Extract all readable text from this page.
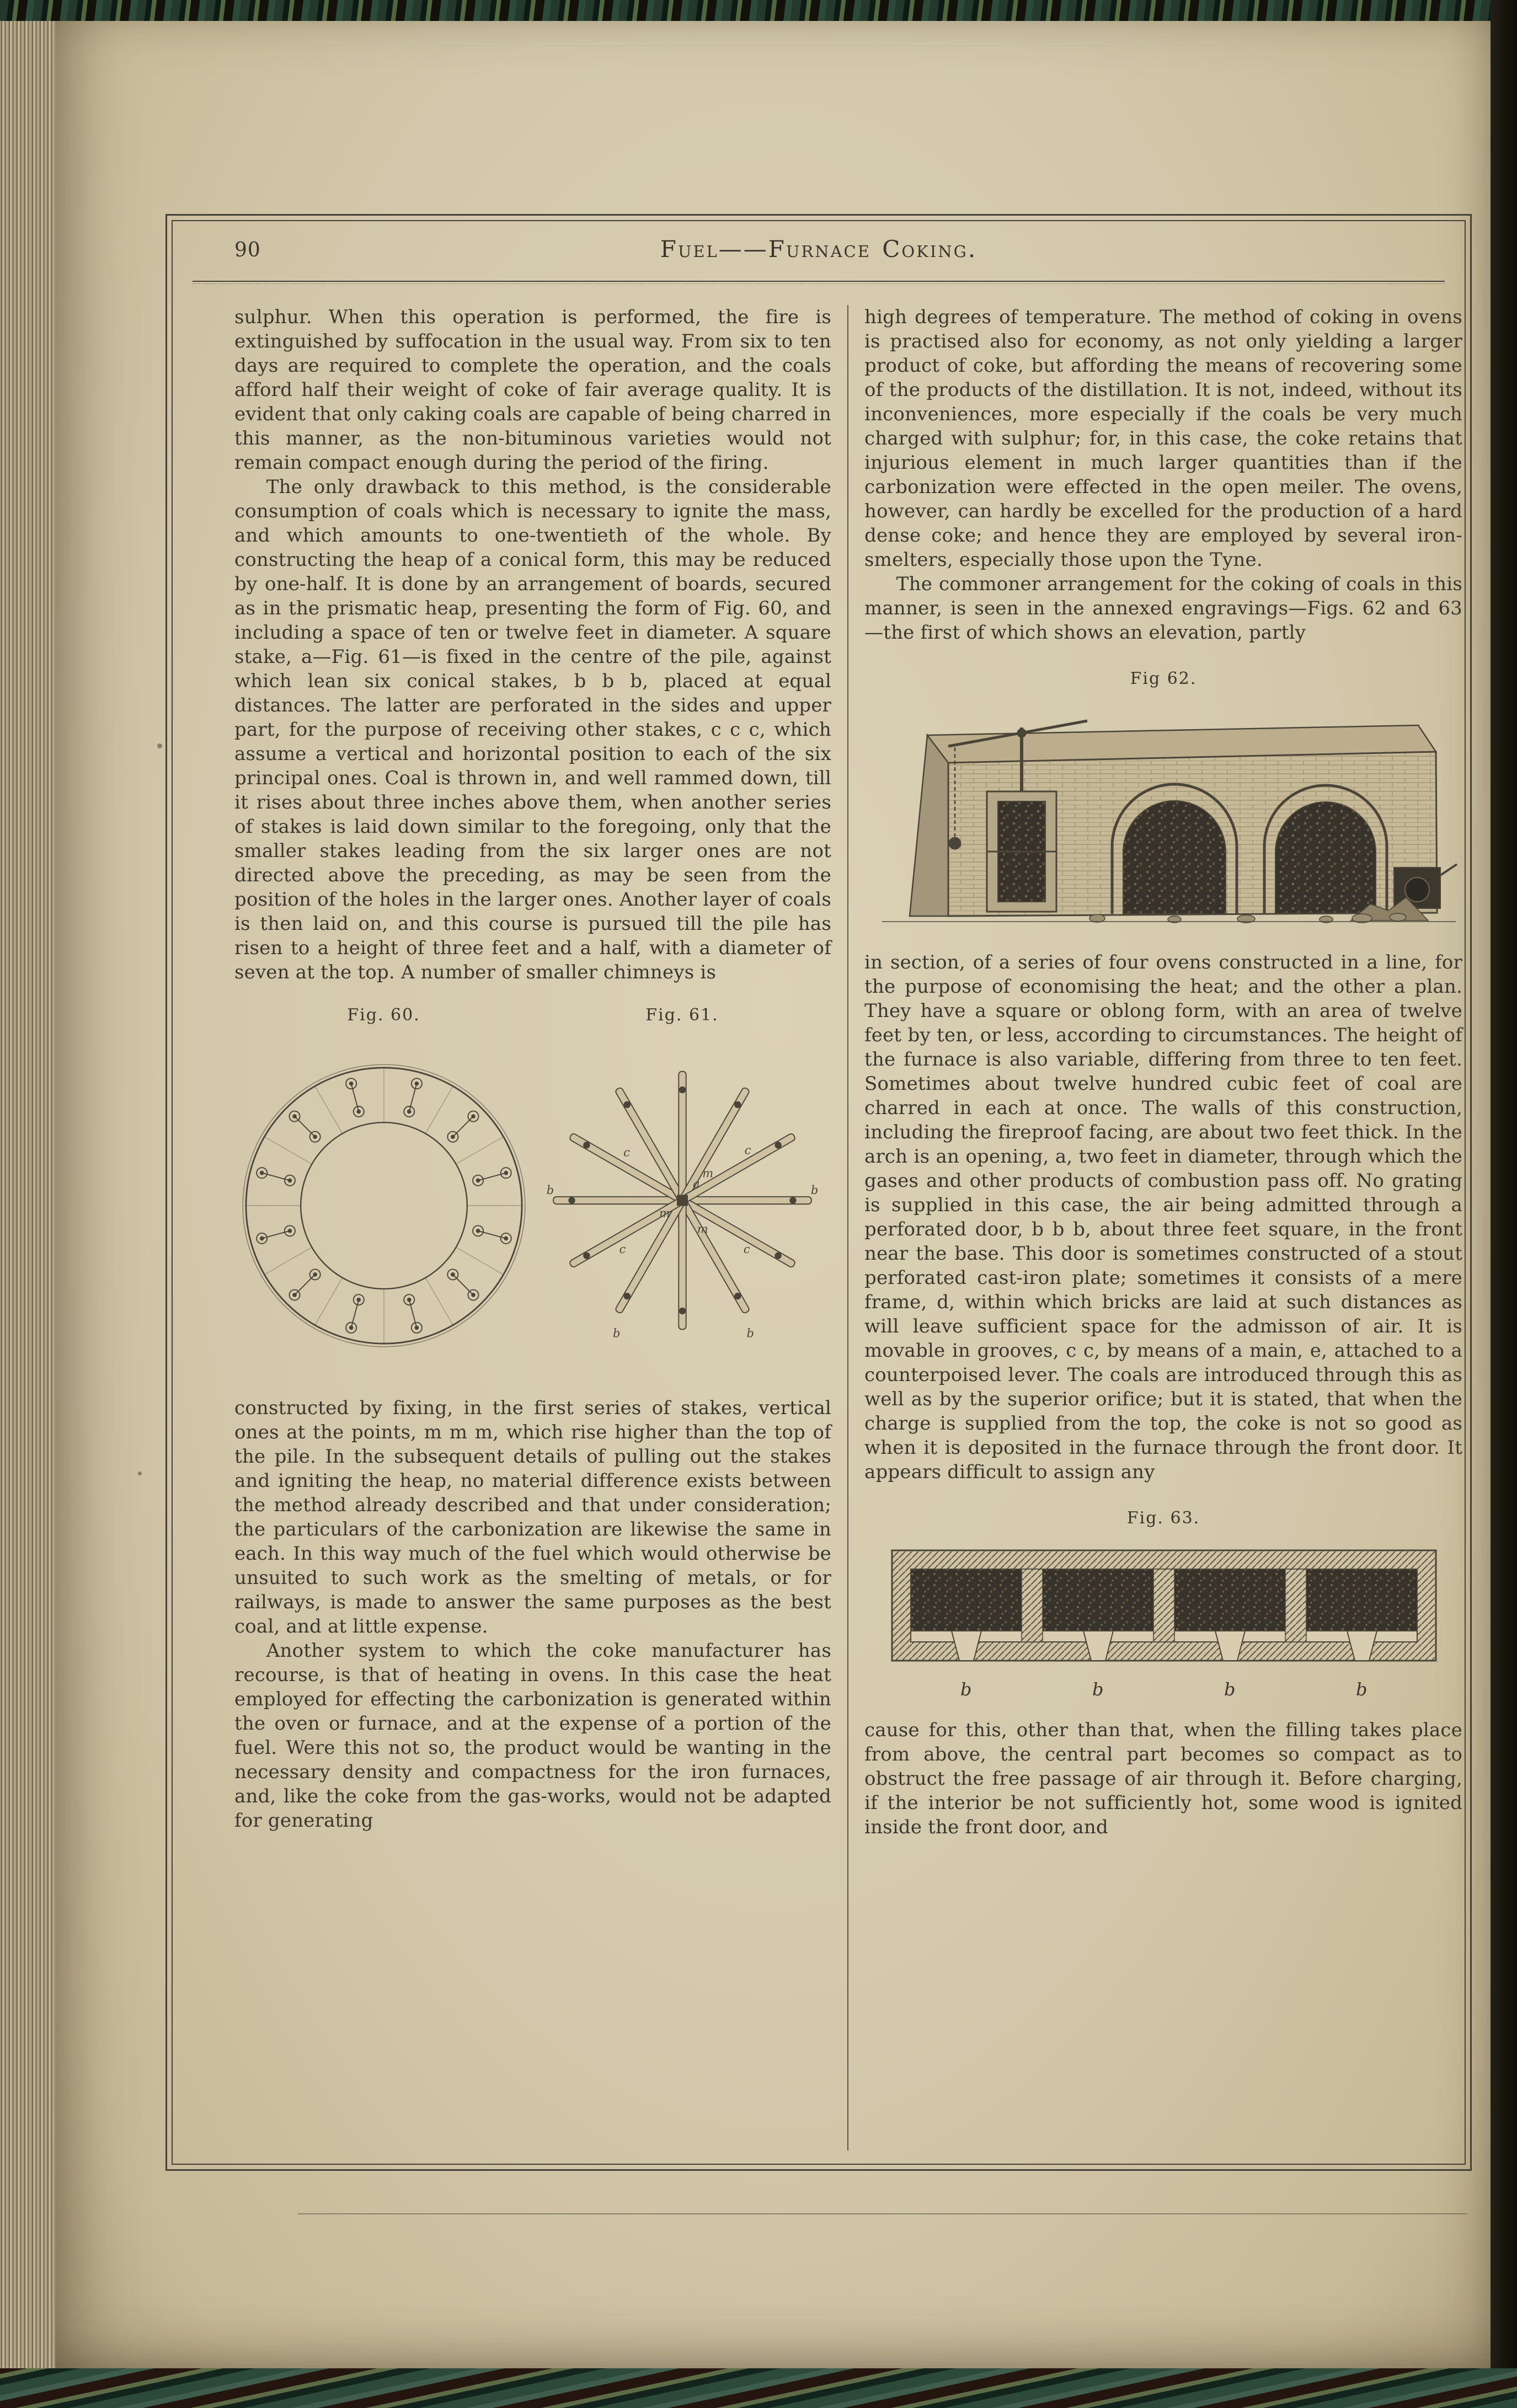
90	Fuel——Furnace Coking.

sulphur. When this operation is performed, the fire is extinguished by suffocation in the usual way. From six to ten days are required to complete the operation, and the coals afford half their weight of coke of fair average quality. It is evident that only caking coals are capable of being charred in this manner, as the non-bituminous varieties would not remain compact enough during the period of the firing.

The only drawback to this method, is the considerable consumption of coals which is necessary to ignite the mass, and which amounts to one-twentieth of the whole. By constructing the heap of a conical form, this may be reduced by one-half. It is done by an arrangement of boards, secured as in the prismatic heap, presenting the form of Fig. 60, and including a space of ten or twelve feet in diameter. A square stake, a—Fig. 61—is fixed in the centre of the pile, against which lean six conical stakes, b b b, placed at equal distances. The latter are perforated in the sides and upper part, for the purpose of receiving other stakes, c c c, which assume a vertical and horizontal position to each of the six principal ones. Coal is thrown in, and well rammed down, till it rises about three inches above them, when another series of stakes is laid down similar to the foregoing, only that the smaller stakes leading from the six larger ones are not directed above the preceding, as may be seen from the position of the holes in the larger ones. Another layer of coals is then laid on, and this course is pursued till the pile has risen to a height of three feet and a half, with a diameter of seven at the top. A number of smaller chimneys is

Fig. 60.	Fig. 61.
a
m
m
m
c	c
c	c
b	b
b	b

constructed by fixing, in the first series of stakes, vertical ones at the points, m m m, which rise higher than the top of the pile. In the subsequent details of pulling out the stakes and igniting the heap, no material difference exists between the method already described and that under consideration; the particulars of the carbonization are likewise the same in each. In this way much of the fuel which would otherwise be unsuited to such work as the smelting of metals, or for railways, is made to answer the same purposes as the best coal, and at little expense.

Another system to which the coke manufacturer has recourse, is that of heating in ovens. In this case the heat employed for effecting the carbonization is generated within the oven or furnace, and at the expense of a portion of the fuel. Were this not so, the product would be wanting in the necessary density and compactness for the iron furnaces, and, like the coke from the gas-works, would not be adapted for generating

high degrees of temperature. The method of coking in ovens is practised also for economy, as not only yielding a larger product of coke, but affording the means of recovering some of the products of the distillation. It is not, indeed, without its inconveniences, more especially if the coals be very much charged with sulphur; for, in this case, the coke retains that injurious element in much larger quantities than if the carbonization were effected in the open meiler. The ovens, however, can hardly be excelled for the production of a hard dense coke; and hence they are employed by several iron-smelters, especially those upon the Tyne.

The commoner arrangement for the coking of coals in this manner, is seen in the annexed engravings—Figs. 62 and 63—the first of which shows an elevation, partly

Fig 62.

in section, of a series of four ovens constructed in a line, for the purpose of economising the heat; and the other a plan. They have a square or oblong form, with an area of twelve feet by ten, or less, according to circumstances. The height of the furnace is also variable, differing from three to ten feet. Sometimes about twelve hundred cubic feet of coal are charred in each at once. The walls of this construction, including the fireproof facing, are about two feet thick. In the arch is an opening, a, two feet in diameter, through which the gases and other products of combustion pass off. No grating is supplied in this case, the air being admitted through a perforated door, b b b, about three feet square, in the front near the base. This door is sometimes constructed of a stout perforated cast-iron plate; sometimes it consists of a mere frame, d, within which bricks are laid at such distances as will leave sufficient space for the admisson of air. It is movable in grooves, c c, by means of a main, e, attached to a counterpoised lever. The coals are introduced through this as well as by the superior orifice; but it is stated, that when the charge is supplied from the top, the coke is not so good as when it is deposited in the furnace through the front door. It appears difficult to assign any

Fig. 63.
b	b	b	b

cause for this, other than that, when the filling takes place from above, the central part becomes so compact as to obstruct the free passage of air through it. Before charging, if the interior be not sufficiently hot, some wood is ignited inside the front door, and
